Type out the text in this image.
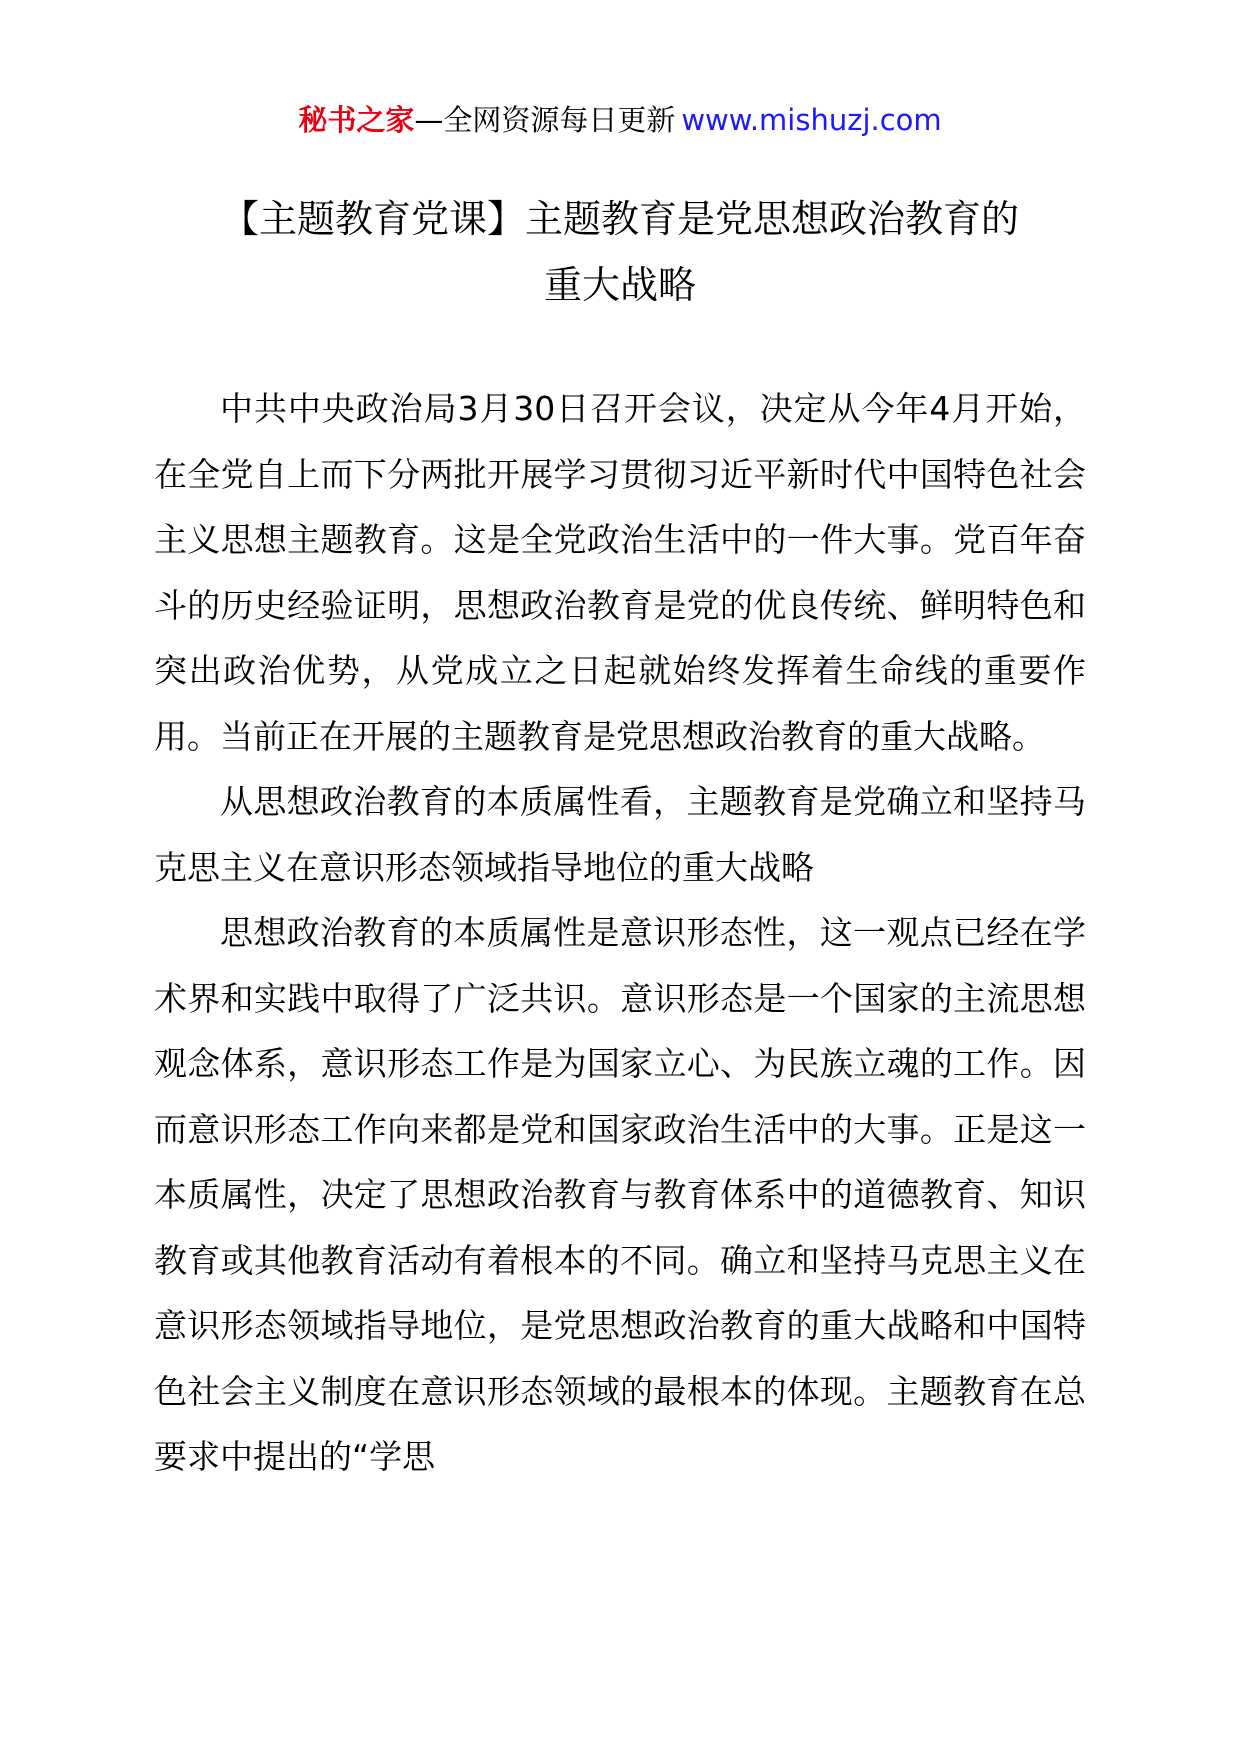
秘书之家—全网资源每日更新 www.mishuzj.com
【主题教育党课】主题教育是党思想政治教育的
重大战略

中共中央政治局3月30日召开会议，决定从今年4月开始，在全党自上而下分两批开展学习贯彻习近平新时代中国特色社会主义思想主题教育。这是全党政治生活中的一件大事。党百年奋斗的历史经验证明，思想政治教育是党的优良传统、鲜明特色和突出政治优势，从党成立之日起就始终发挥着生命线的重要作用。当前正在开展的主题教育是党思想政治教育的重大战略。

从思想政治教育的本质属性看，主题教育是党确立和坚持马克思主义在意识形态领域指导地位的重大战略

思想政治教育的本质属性是意识形态性，这一观点已经在学术界和实践中取得了广泛共识。意识形态是一个国家的主流思想观念体系，意识形态工作是为国家立心、为民族立魂的工作。因而意识形态工作向来都是党和国家政治生活中的大事。正是这一本质属性，决定了思想政治教育与教育体系中的道德教育、知识教育或其他教育活动有着根本的不同。确立和坚持马克思主义在意识形态领域指导地位，是党思想政治教育的重大战略和中国特色社会主义制度在意识形态领域的最根本的体现。主题教育在总要求中提出的“学思
